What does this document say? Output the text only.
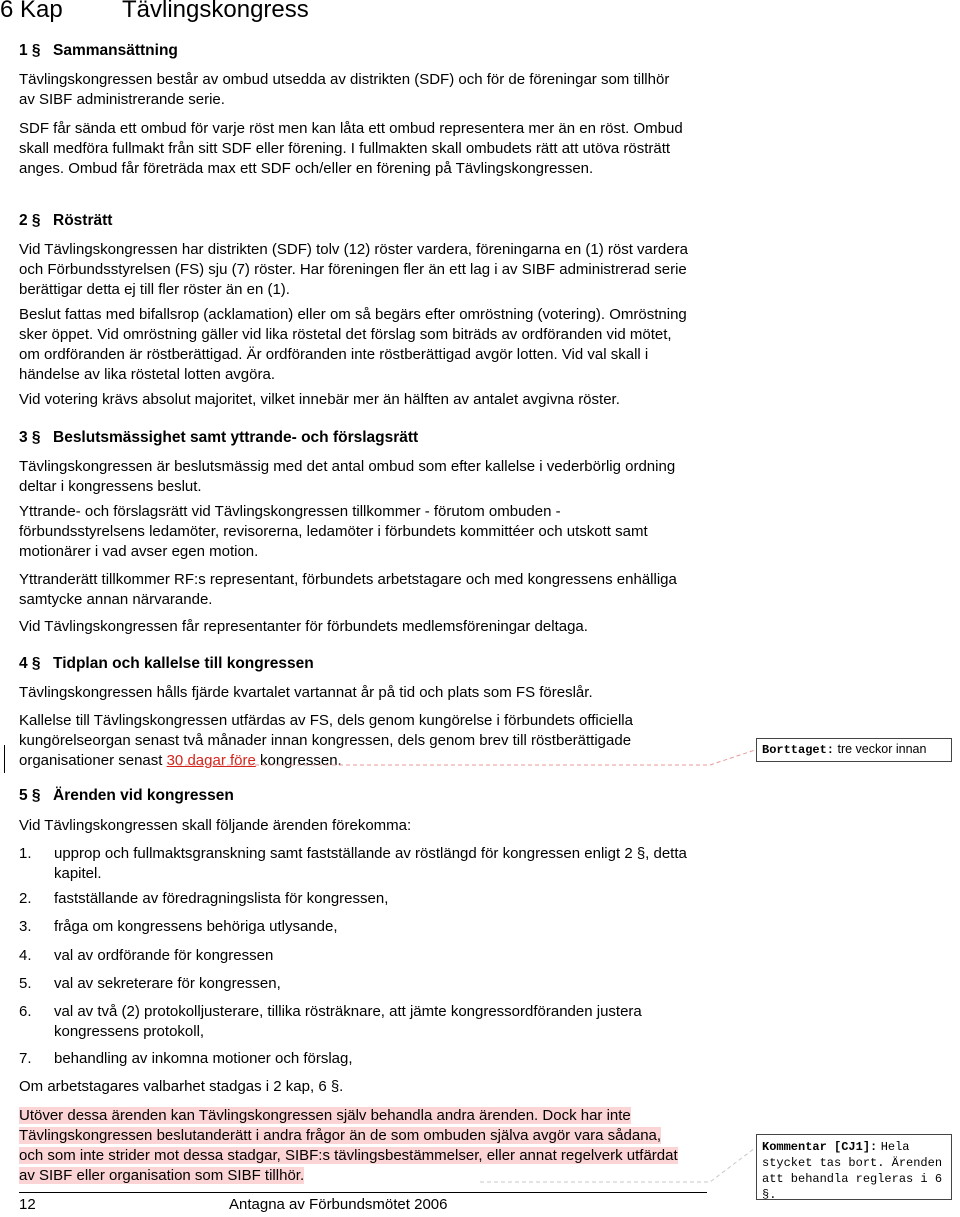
6 Kap Tävlingskongress
1 § Sammansättning
Tävlingskongressen består av ombud utsedda av distrikten (SDF) och för de föreningar som tillhör av SIBF administrerande serie.
SDF får sända ett ombud för varje röst men kan låta ett ombud representera mer än en röst. Ombud skall medföra fullmakt från sitt SDF eller förening. I fullmakten skall ombudets rätt att utöva rösträtt anges. Ombud får företräda max ett SDF och/eller en förening på Tävlingskongressen.
2 § Rösträtt
Vid Tävlingskongressen har distrikten (SDF) tolv (12) röster vardera, föreningarna en (1) röst vardera och Förbundsstyrelsen (FS) sju (7) röster. Har föreningen fler än ett lag i av SIBF administrerad serie berättigar detta ej till fler röster än en (1).
Beslut fattas med bifallsrop (acklamation) eller om så begärs efter omröstning (votering). Omröstning sker öppet. Vid omröstning gäller vid lika röstetal det förslag som biträds av ordföranden vid mötet, om ordföranden är röstberättigad. Är ordföranden inte röstberättigad avgör lotten. Vid val skall i händelse av lika röstetal lotten avgöra.
Vid votering krävs absolut majoritet, vilket innebär mer än hälften av antalet avgivna röster.
3 § Beslutsmässighet samt yttrande- och förslagsrätt
Tävlingskongressen är beslutsmässig med det antal ombud som efter kallelse i vederbörlig ordning deltar i kongressens beslut.
Yttrande- och förslagsrätt vid Tävlingskongressen tillkommer - förutom ombuden - förbundsstyrelsens ledamöter, revisorerna, ledamöter i förbundets kommittéer och utskott samt motionärer i vad avser egen motion.
Yttranderätt tillkommer RF:s representant, förbundets arbetstagare och med kongressens enhälliga samtycke annan närvarande.
Vid Tävlingskongressen får representanter för förbundets medlemsföreningar deltaga.
4 § Tidplan och kallelse till kongressen
Tävlingskongressen hålls fjärde kvartalet vartannat år på tid och plats som FS föreslår.
Kallelse till Tävlingskongressen utfärdas av FS, dels genom kungörelse i förbundets officiella kungörelseorgan senast två månader innan kongressen, dels genom brev till röstberättigade organisationer senast 30 dagar före kongressen.
Borttaget: tre veckor innan
5 § Ärenden vid kongressen
Vid Tävlingskongressen skall följande ärenden förekomma:
1. upprop och fullmaktsgranskning samt fastställande av röstlängd för kongressen enligt 2 §, detta kapitel.
2. fastställande av föredragningslista för kongressen,
3. fråga om kongressens behöriga utlysande,
4. val av ordförande för kongressen
5. val av sekreterare för kongressen,
6. val av två (2) protokolljusterare, tillika rösträknare, att jämte kongressordföranden justera kongressens protokoll,
7. behandling av inkomna motioner och förslag,
Om arbetstagares valbarhet stadgas i 2 kap, 6 §.
Utöver dessa ärenden kan Tävlingskongressen själv behandla andra ärenden. Dock har inte Tävlingskongressen beslutanderätt i andra frågor än de som ombuden själva avgör vara sådana, och som inte strider mot dessa stadgar, SIBF:s tävlingsbestämmelser, eller annat regelverk utfärdat av SIBF eller organisation som SIBF tillhör.
Kommentar [CJ1]: Hela stycket tas bort. Ärenden att behandla regleras i 6 §.
12	Antagna av Förbundsmötet 2006
